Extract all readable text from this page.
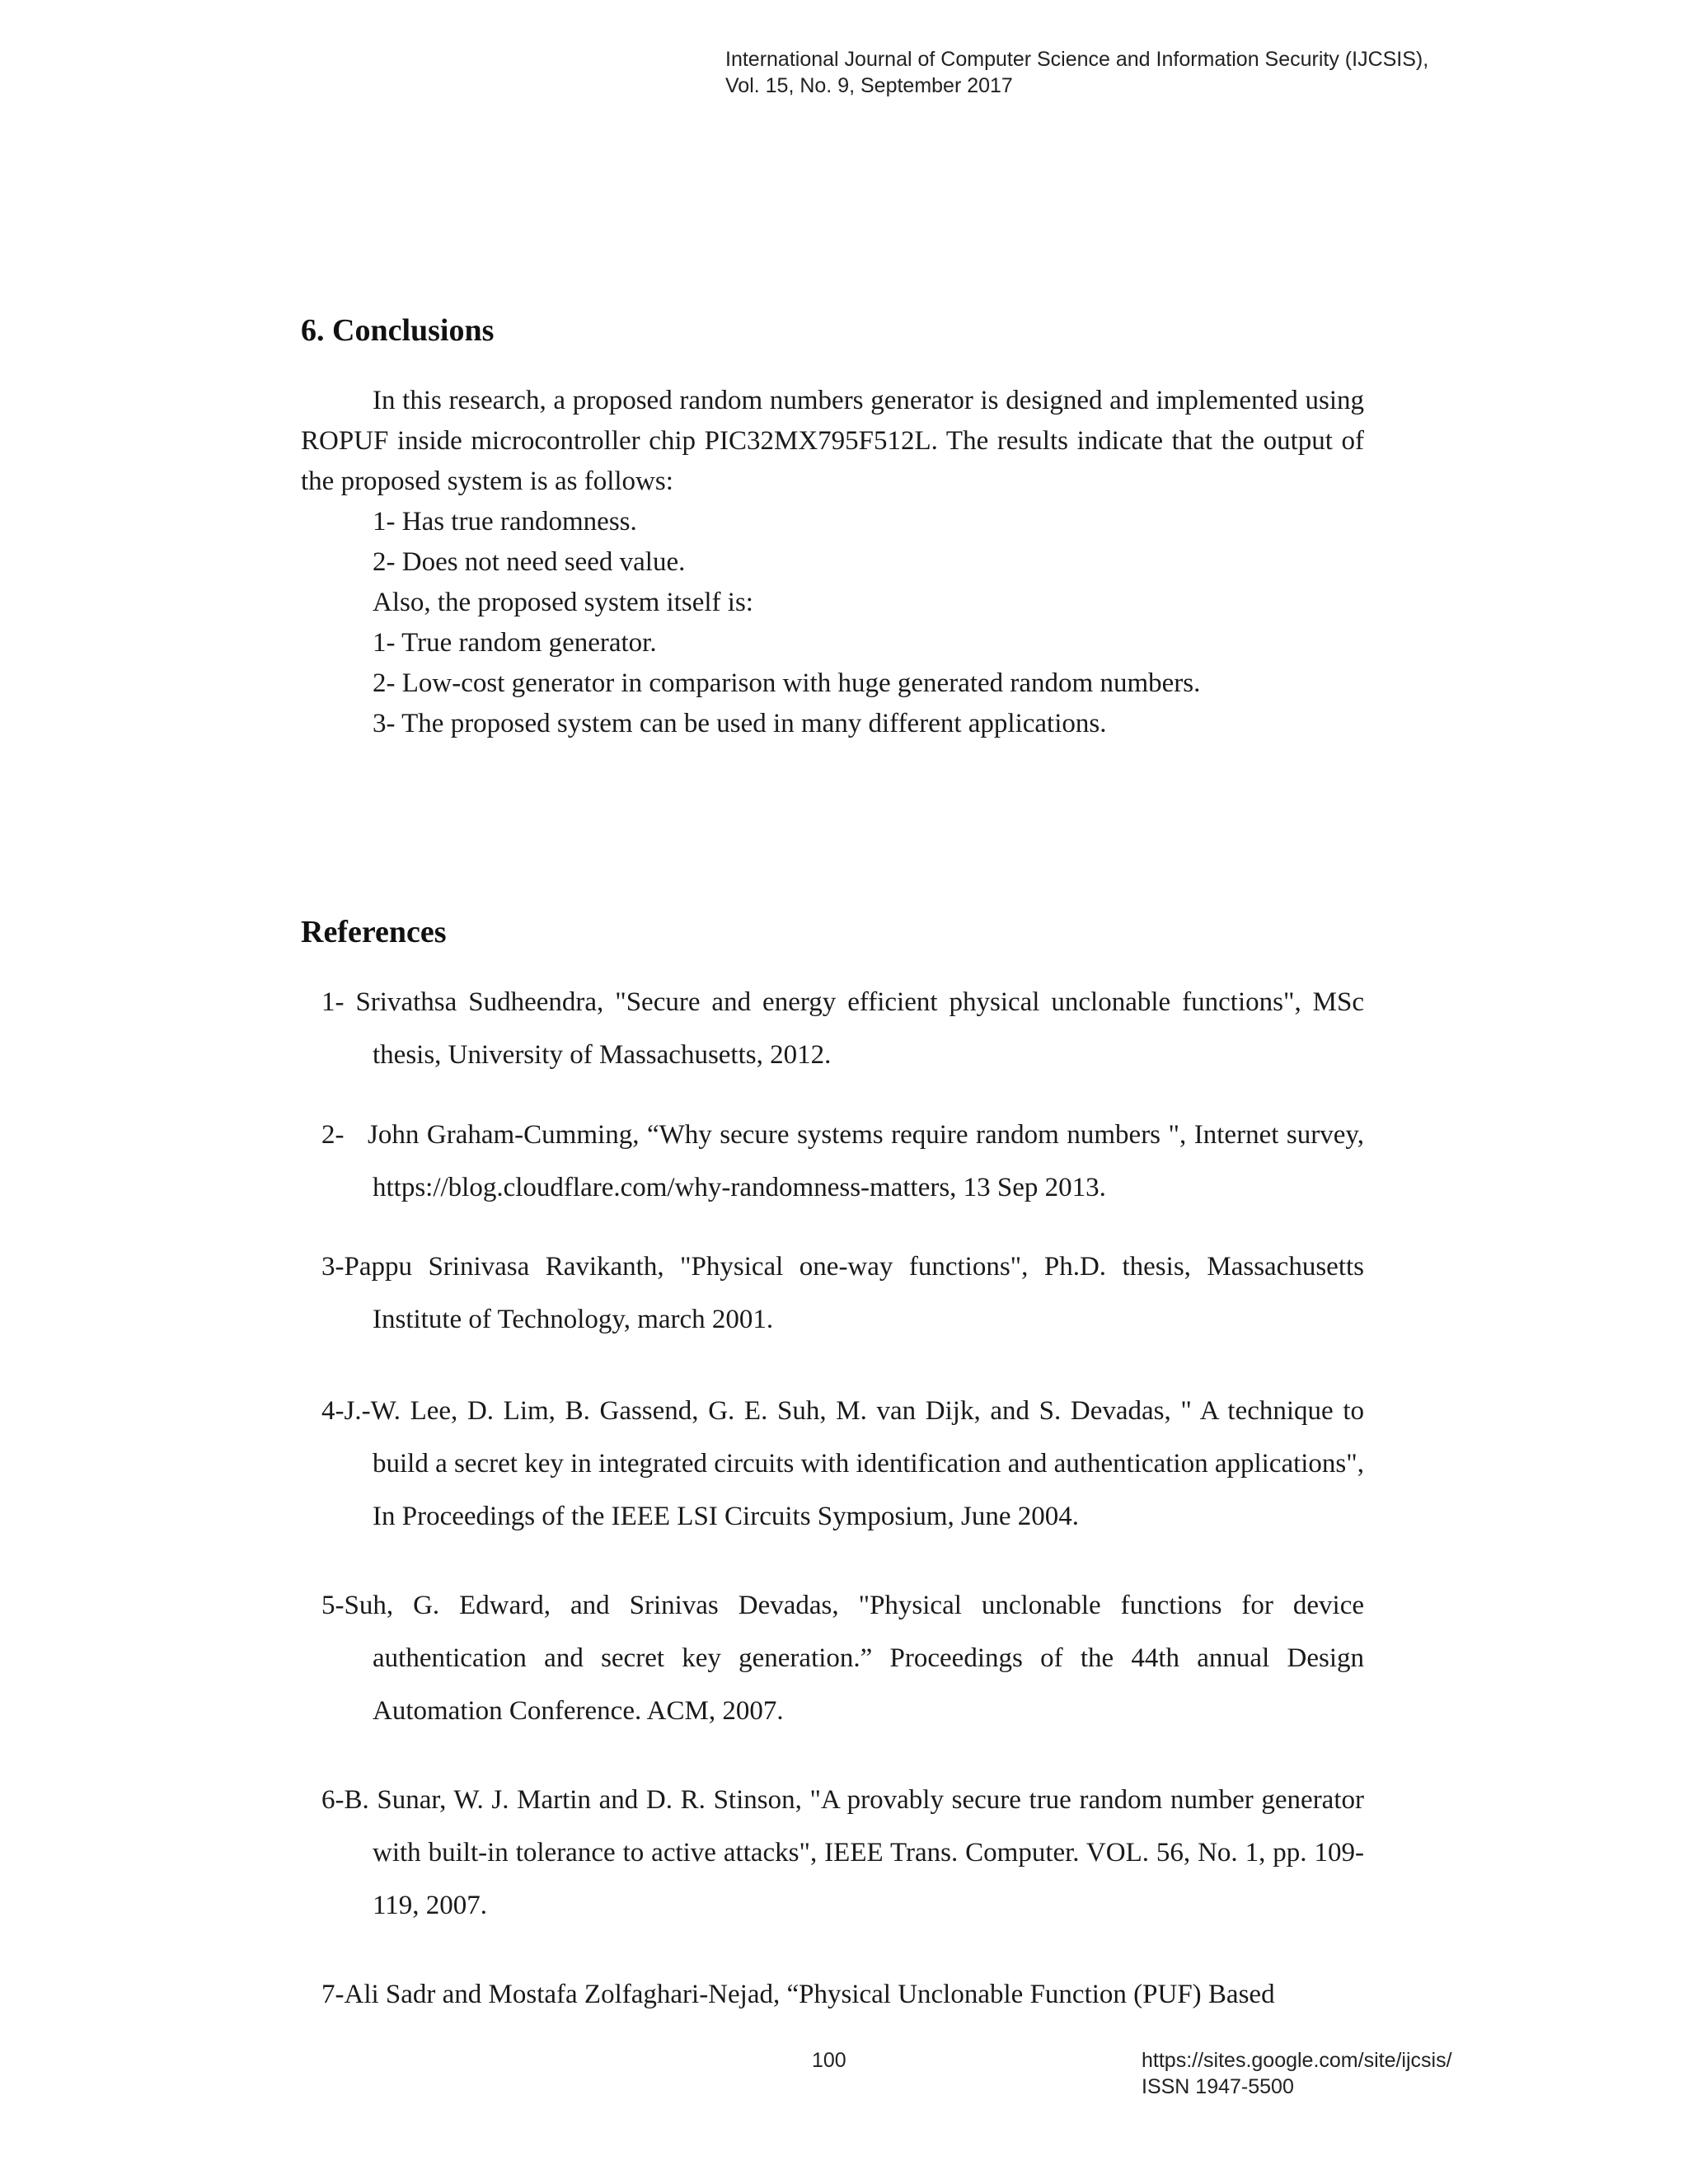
International Journal of Computer Science and Information Security (IJCSIS),
Vol. 15, No. 9, September 2017
6. Conclusions

In this research, a proposed random numbers generator is designed and implemented using ROPUF inside microcontroller chip PIC32MX795F512L. The results indicate that the output of the proposed system is as follows:

1- Has true randomness.

2- Does not need seed value.

Also, the proposed system itself is:

1- True random generator.

2- Low-cost generator in comparison with huge generated random numbers.

3- The proposed system can be used in many different applications.

References
1- Srivathsa Sudheendra, "Secure and energy efficient physical unclonable functions", MSc thesis, University of Massachusetts, 2012.
2-   John Graham-Cumming, “Why secure systems require random numbers ", Internet survey, https://blog.cloudflare.com/why-randomness-matters, 13 Sep 2013.
3-Pappu Srinivasa Ravikanth, "Physical one-way functions", Ph.D. thesis, Massachusetts Institute of Technology, march 2001.
4-J.-W. Lee, D. Lim, B. Gassend, G. E. Suh, M. van Dijk, and S. Devadas, " A technique to build a secret key in integrated circuits with identification and authentication applications", In Proceedings of the IEEE LSI Circuits Symposium, June 2004.
5-Suh, G. Edward, and Srinivas Devadas, "Physical unclonable functions for device authentication and secret key generation.” Proceedings of the 44th annual Design Automation Conference. ACM, 2007.
6-B. Sunar, W. J. Martin and D. R. Stinson, "A provably secure true random number generator with built-in tolerance to active attacks", IEEE Trans. Computer. VOL. 56, No. 1, pp. 109-119, 2007.
7-Ali Sadr and Mostafa Zolfaghari-Nejad, “Physical Unclonable Function (PUF) Based
100	https://sites.google.com/site/ijcsis/
ISSN 1947-5500
